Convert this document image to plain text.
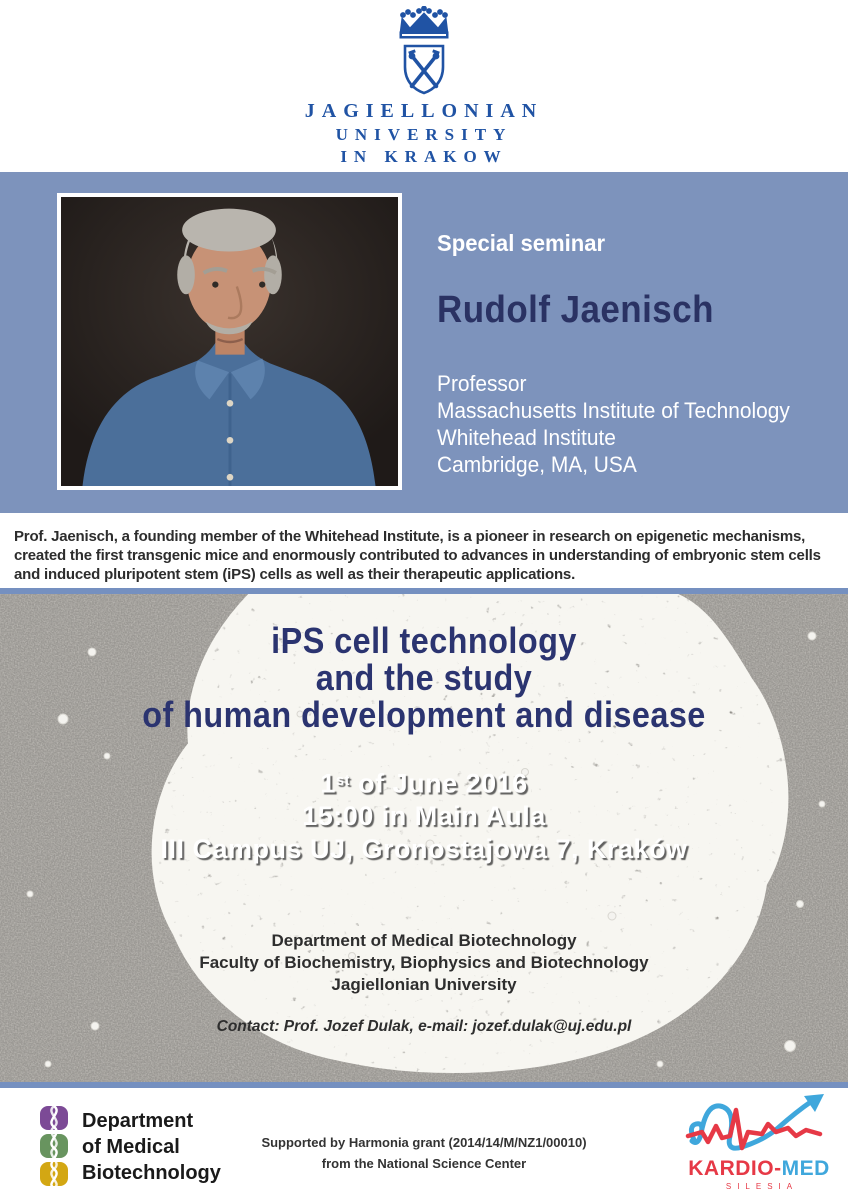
JAGIELLONIAN
UNIVERSITY
IN KRAKOW
Special seminar
Rudolf Jaenisch
Professor
Massachusetts Institute of Technology
Whitehead Institute
Cambridge, MA, USA
Prof. Jaenisch, a founding member of the Whitehead Institute, is a pioneer in research on epigenetic mechanisms,
created the first transgenic mice and enormously contributed to advances in understanding of embryonic stem cells
and induced pluripotent stem (iPS) cells as well as their therapeutic applications.
iPS cell technology
and the study
of human development and disease
1st of June 2016
15:00 in Main Aula
III Campus UJ, Gronostajowa 7, Kraków
Department of Medical Biotechnology
Faculty of Biochemistry, Biophysics and Biotechnology
Jagiellonian University
Contact: Prof. Jozef Dulak, e-mail: jozef.dulak@uj.edu.pl
Department
of Medical
Biotechnology
Supported by Harmonia grant (2014/14/M/NZ1/00010)
from the National Science Center	KARDIO-MED
SILESIA
